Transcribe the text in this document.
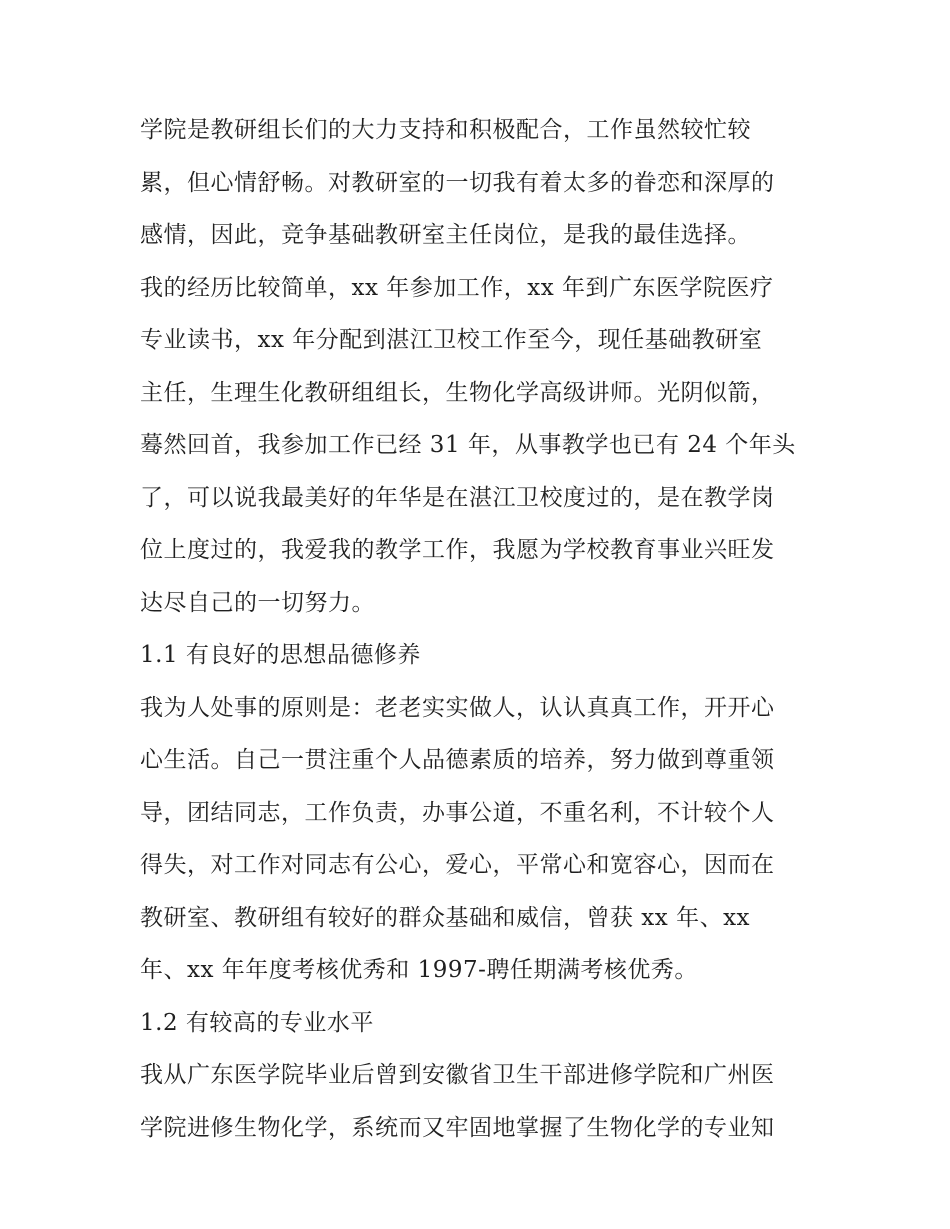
学院是教研组长们的大力支持和积极配合，工作虽然较忙较

累，但心情舒畅。对教研室的一切我有着太多的眷恋和深厚的

感情，因此，竞争基础教研室主任岗位，是我的最佳选择。

我的经历比较简单，xx 年参加工作，xx 年到广东医学院医疗

专业读书，xx 年分配到湛江卫校工作至今，现任基础教研室

主任，生理生化教研组组长，生物化学高级讲师。光阴似箭，

蓦然回首，我参加工作已经 31 年，从事教学也已有 24 个年头

了，可以说我最美好的年华是在湛江卫校度过的，是在教学岗

位上度过的，我爱我的教学工作，我愿为学校教育事业兴旺发

达尽自己的一切努力。

1.1 有良好的思想品德修养

我为人处事的原则是：老老实实做人，认认真真工作，开开心

心生活。自己一贯注重个人品德素质的培养，努力做到尊重领

导，团结同志，工作负责，办事公道，不重名利，不计较个人

得失，对工作对同志有公心，爱心，平常心和宽容心，因而在

教研室、教研组有较好的群众基础和威信，曾获 xx 年、xx

年、xx 年年度考核优秀和 1997-聘任期满考核优秀。

1.2 有较高的专业水平

我从广东医学院毕业后曾到安徽省卫生干部进修学院和广州医

学院进修生物化学，系统而又牢固地掌握了生物化学的专业知
